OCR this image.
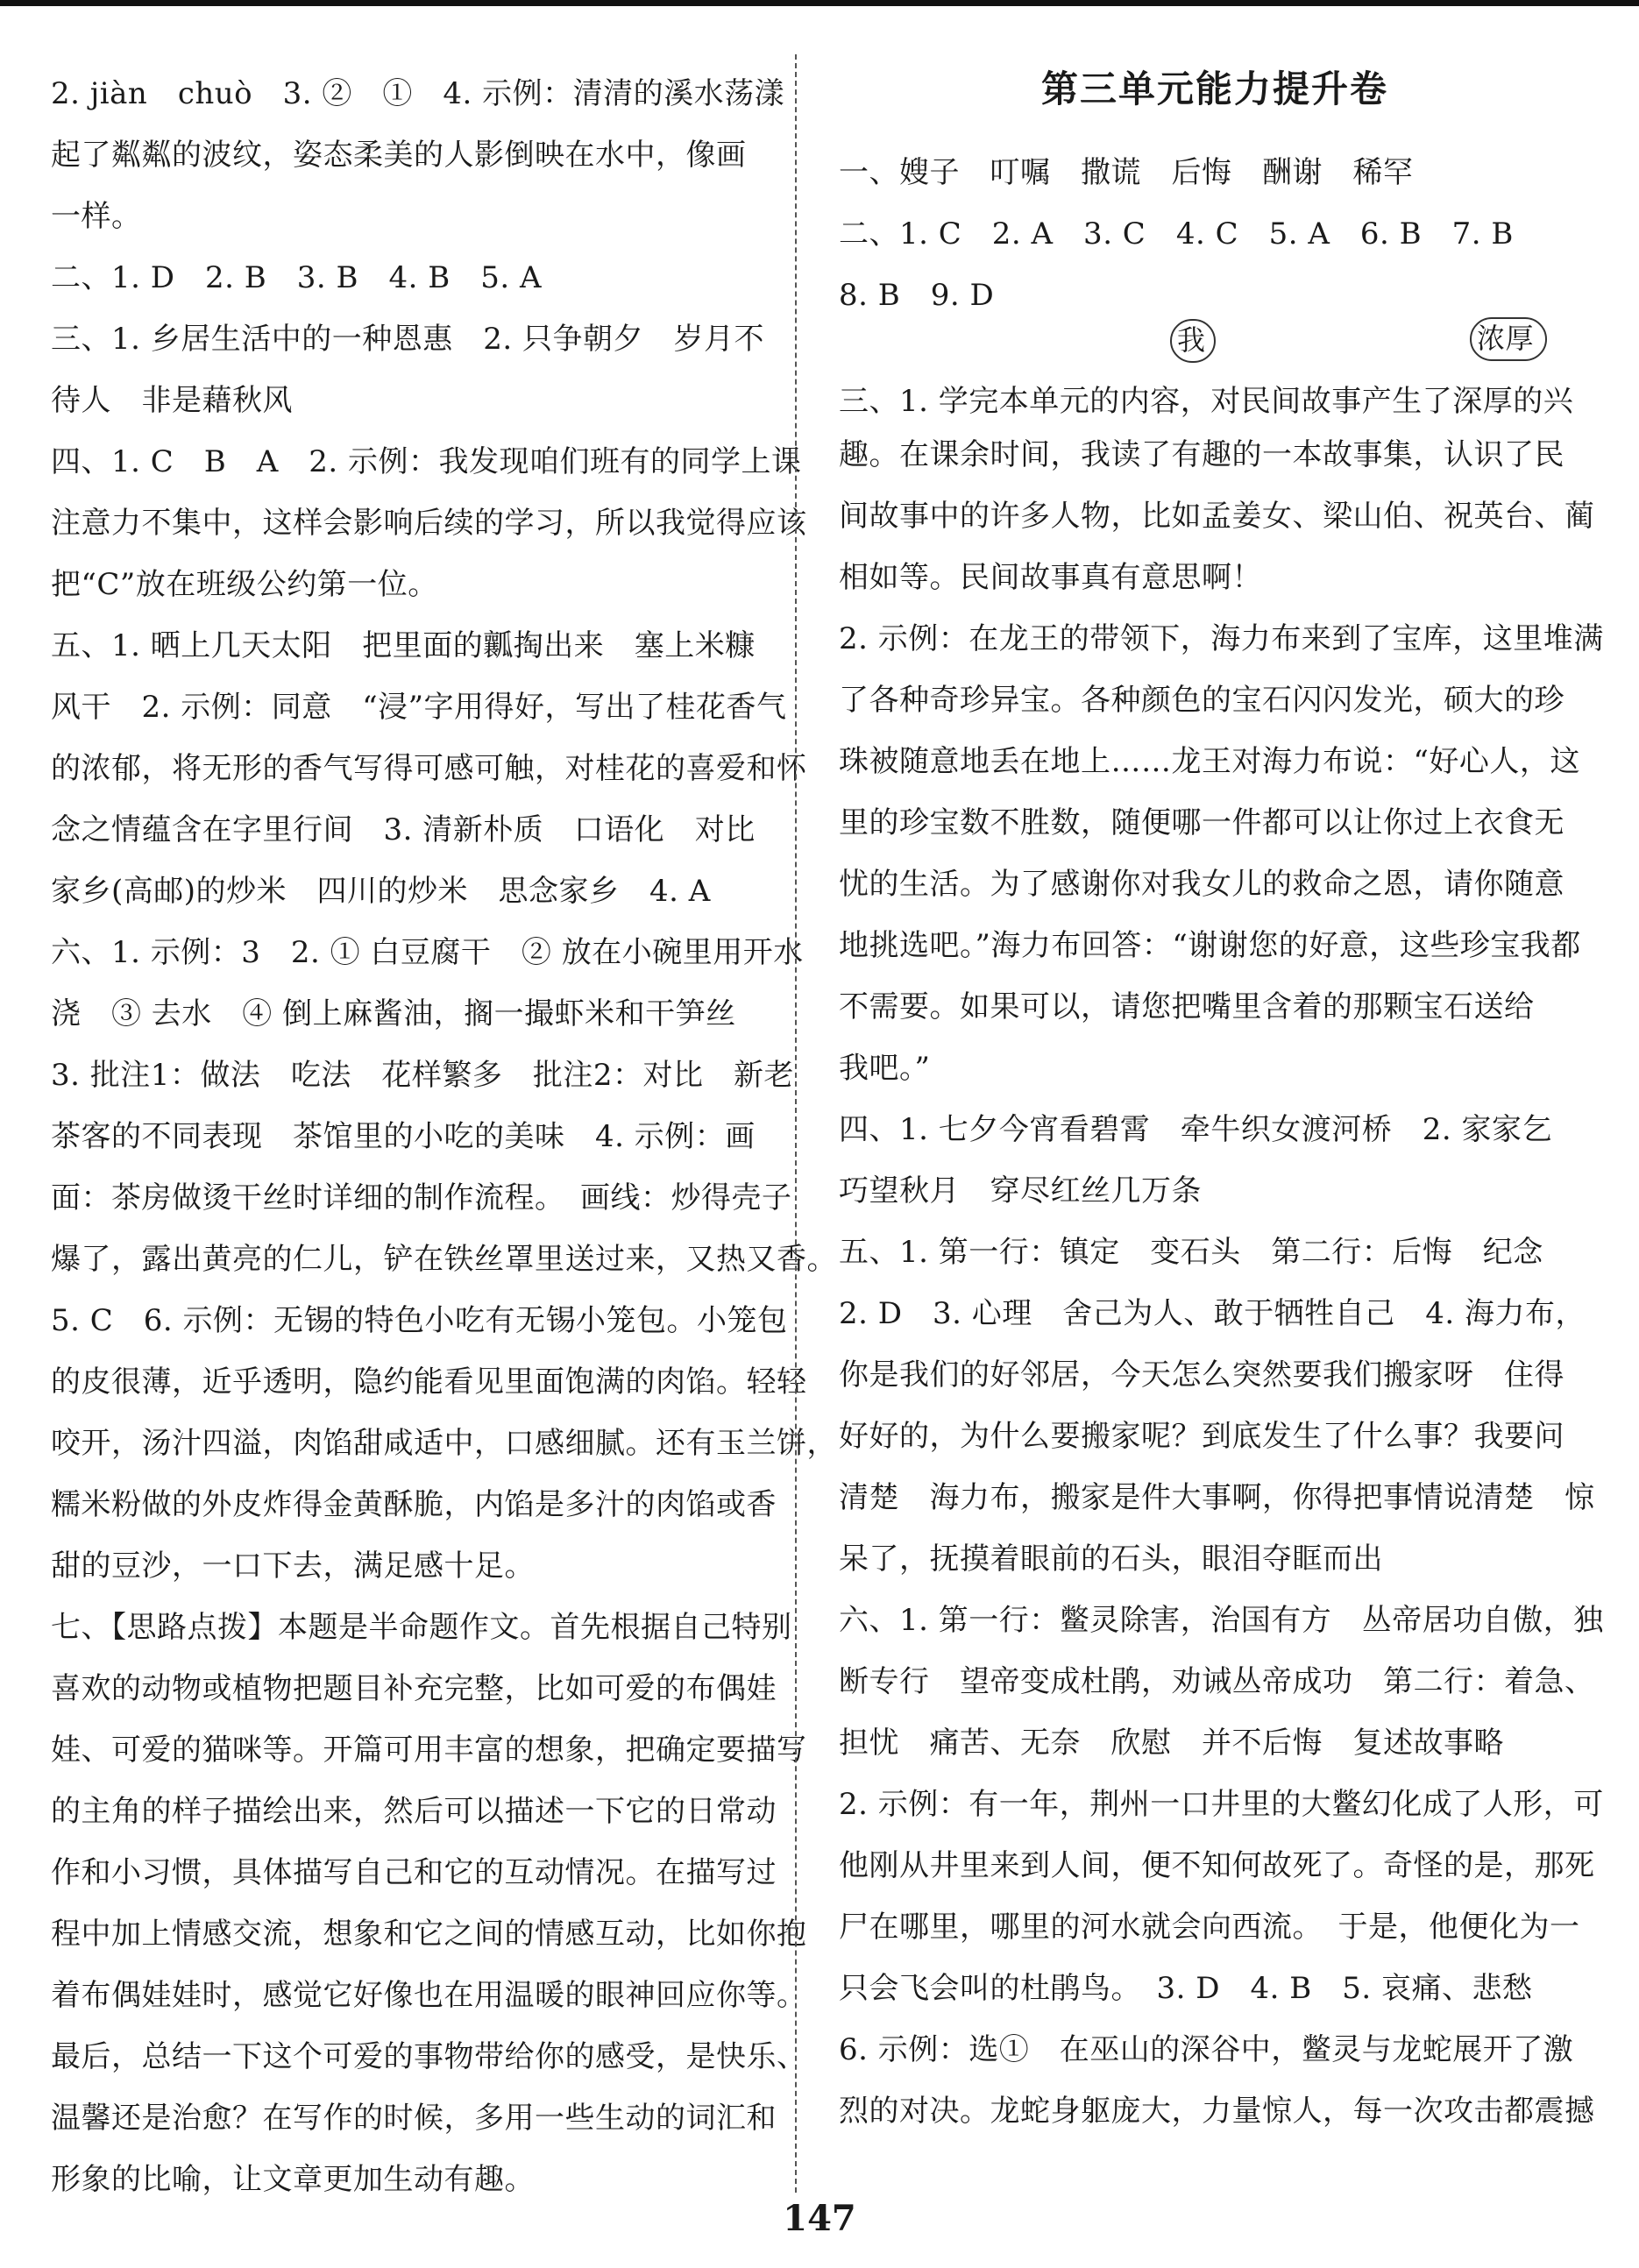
2. jiàn　chuò　3. ②　①　4. 示例：清清的溪水荡漾
起了粼粼的波纹，姿态柔美的人影倒映在水中，像画
一样。
二、1. D　2. B　3. B　4. B　5. A
三、1. 乡居生活中的一种恩惠　2. 只争朝夕　岁月不
待人　非是藉秋风
四、1. C　B　A　2. 示例：我发现咱们班有的同学上课
注意力不集中，这样会影响后续的学习，所以我觉得应该
把“C”放在班级公约第一位。
五、1. 晒上几天太阳　把里面的瓤掏出来　塞上米糠
风干　2. 示例：同意　“浸”字用得好，写出了桂花香气
的浓郁，将无形的香气写得可感可触，对桂花的喜爱和怀
念之情蕴含在字里行间　3. 清新朴质　口语化　对比
家乡(高邮)的炒米　四川的炒米　思念家乡　4. A
六、1. 示例：3　2. ① 白豆腐干　② 放在小碗里用开水
浇　③ 去水　④ 倒上麻酱油，搁一撮虾米和干笋丝
3. 批注1：做法　吃法　花样繁多　批注2：对比　新老
茶客的不同表现　茶馆里的小吃的美味　4. 示例：画
面：茶房做烫干丝时详细的制作流程。　画线：炒得壳子
爆了，露出黄亮的仁儿，铲在铁丝罩里送过来，又热又香。
5. C　6. 示例：无锡的特色小吃有无锡小笼包。小笼包
的皮很薄，近乎透明，隐约能看见里面饱满的肉馅。轻轻
咬开，汤汁四溢，肉馅甜咸适中，口感细腻。还有玉兰饼，
糯米粉做的外皮炸得金黄酥脆，内馅是多汁的肉馅或香
甜的豆沙，一口下去，满足感十足。
七、【思路点拨】本题是半命题作文。首先根据自己特别
喜欢的动物或植物把题目补充完整，比如可爱的布偶娃
娃、可爱的猫咪等。开篇可用丰富的想象，把确定要描写
的主角的样子描绘出来，然后可以描述一下它的日常动
作和小习惯，具体描写自己和它的互动情况。在描写过
程中加上情感交流，想象和它之间的情感互动，比如你抱
着布偶娃娃时，感觉它好像也在用温暖的眼神回应你等。
最后，总结一下这个可爱的事物带给你的感受，是快乐、
温馨还是治愈？在写作的时候，多用一些生动的词汇和
形象的比喻，让文章更加生动有趣。
第三单元能力提升卷
一、嫂子　叮嘱　撒谎　后悔　酬谢　稀罕
二、1. C　2. A　3. C　4. C　5. A　6. B　7. B
8. B　9. D
我	浓厚
三、1. 学完本单元的内容，对民间故事产生了深厚的兴
趣。在课余时间，我读了有趣的一本故事集，认识了民
间故事中的许多人物，比如孟姜女、梁山伯、祝英台、蔺
相如等。民间故事真有意思啊！
2. 示例：在龙王的带领下，海力布来到了宝库，这里堆满
了各种奇珍异宝。各种颜色的宝石闪闪发光，硕大的珍
珠被随意地丢在地上……龙王对海力布说：“好心人，这
里的珍宝数不胜数，随便哪一件都可以让你过上衣食无
忧的生活。为了感谢你对我女儿的救命之恩，请你随意
地挑选吧。”海力布回答：“谢谢您的好意，这些珍宝我都
不需要。如果可以，请您把嘴里含着的那颗宝石送给
我吧。”
四、1. 七夕今宵看碧霄　牵牛织女渡河桥　2. 家家乞
巧望秋月　穿尽红丝几万条
五、1. 第一行：镇定　变石头　第二行：后悔　纪念
2. D　3. 心理　舍己为人、敢于牺牲自己　4. 海力布，
你是我们的好邻居，今天怎么突然要我们搬家呀　住得
好好的，为什么要搬家呢？到底发生了什么事？我要问
清楚　海力布，搬家是件大事啊，你得把事情说清楚　惊
呆了，抚摸着眼前的石头，眼泪夺眶而出
六、1. 第一行：鳖灵除害，治国有方　丛帝居功自傲，独
断专行　望帝变成杜鹃，劝诫丛帝成功　第二行：着急、
担忧　痛苦、无奈　欣慰　并不后悔　复述故事略
2. 示例：有一年，荆州一口井里的大鳖幻化成了人形，可
他刚从井里来到人间，便不知何故死了。奇怪的是，那死
尸在哪里，哪里的河水就会向西流。　于是，他便化为一
只会飞会叫的杜鹃鸟。　3. D　4. B　5. 哀痛、悲愁
6. 示例：选①　在巫山的深谷中，鳖灵与龙蛇展开了激
烈的对决。龙蛇身躯庞大，力量惊人，每一次攻击都震撼
147
